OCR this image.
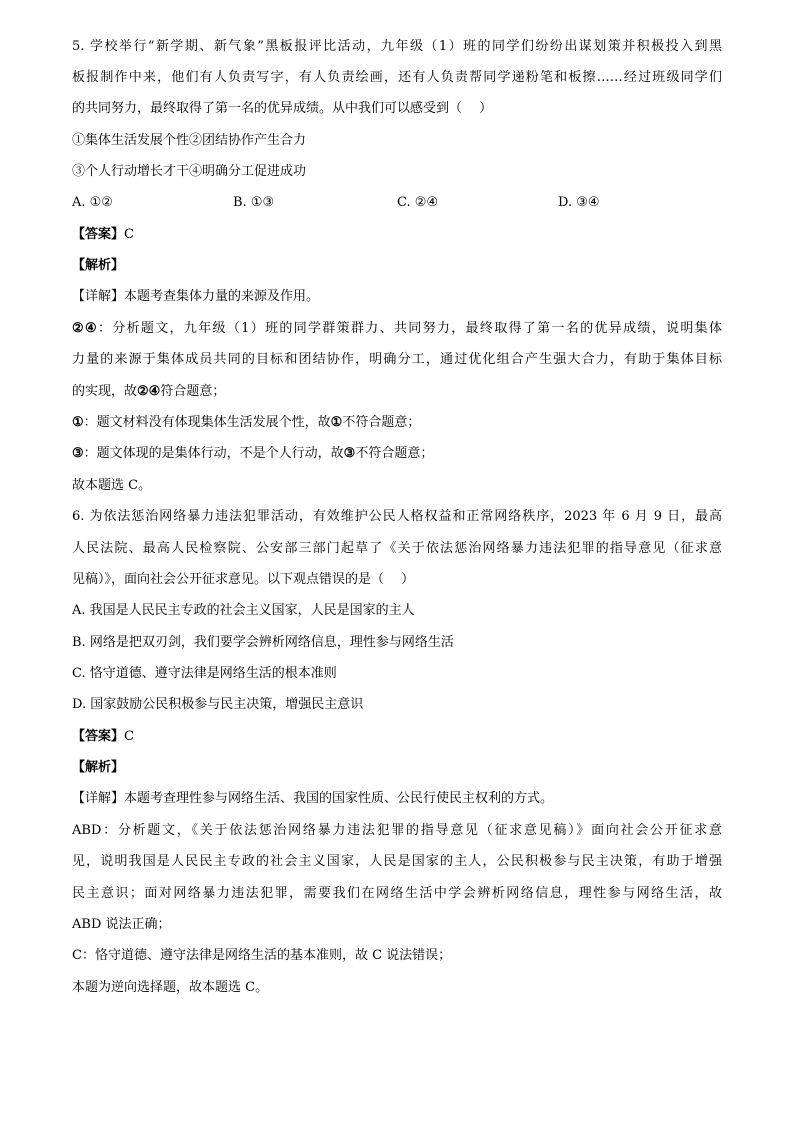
5. 学校举行“新学期、新气象”黑板报评比活动，九年级（1）班的同学们纷纷出谋划策并积极投入到黑
板报制作中来，他们有人负责写字，有人负责绘画，还有人负责帮同学递粉笔和板擦……经过班级同学们
的共同努力，最终取得了第一名的优异成绩。从中我们可以感受到（　 ）
①集体生活发展个性②团结协作产生合力
③个人行动增长才干④明确分工促进成功
A. ①②	B. ①③	C. ②④	D. ③④
【答案】C
【解析】
【详解】本题考查集体力量的来源及作用。
②④：分析题文，九年级（1）班的同学群策群力、共同努力，最终取得了第一名的优异成绩，说明集体
力量的来源于集体成员共同的目标和团结协作，明确分工，通过优化组合产生强大合力，有助于集体目标
的实现，故②④符合题意；
①：题文材料没有体现集体生活发展个性，故①不符合题意；
③：题文体现的是集体行动，不是个人行动，故③不符合题意；
故本题选 C。
6. 为依法惩治网络暴力违法犯罪活动，有效维护公民人格权益和正常网络秩序，2023 年 6 月 9 日，最高
人民法院、最高人民检察院、公安部三部门起草了《关于依法惩治网络暴力违法犯罪的指导意见（征求意
见稿）》，面向社会公开征求意见。以下观点错误的是（　 ）
A. 我国是人民民主专政的社会主义国家，人民是国家的主人
B. 网络是把双刃剑，我们要学会辨析网络信息，理性参与网络生活
C. 恪守道德、遵守法律是网络生活的根本准则
D. 国家鼓励公民积极参与民主决策，增强民主意识
【答案】C
【解析】
【详解】本题考查理性参与网络生活、我国的国家性质、公民行使民主权利的方式。
ABD：分析题文，《关于依法惩治网络暴力违法犯罪的指导意见（征求意见稿）》面向社会公开征求意
见，说明我国是人民民主专政的社会主义国家，人民是国家的主人，公民积极参与民主决策，有助于增强
民主意识；面对网络暴力违法犯罪，需要我们在网络生活中学会辨析网络信息，理性参与网络生活，故
ABD 说法正确；
C：恪守道德、遵守法律是网络生活的基本准则，故 C 说法错误；
本题为逆向选择题，故本题选 C。
